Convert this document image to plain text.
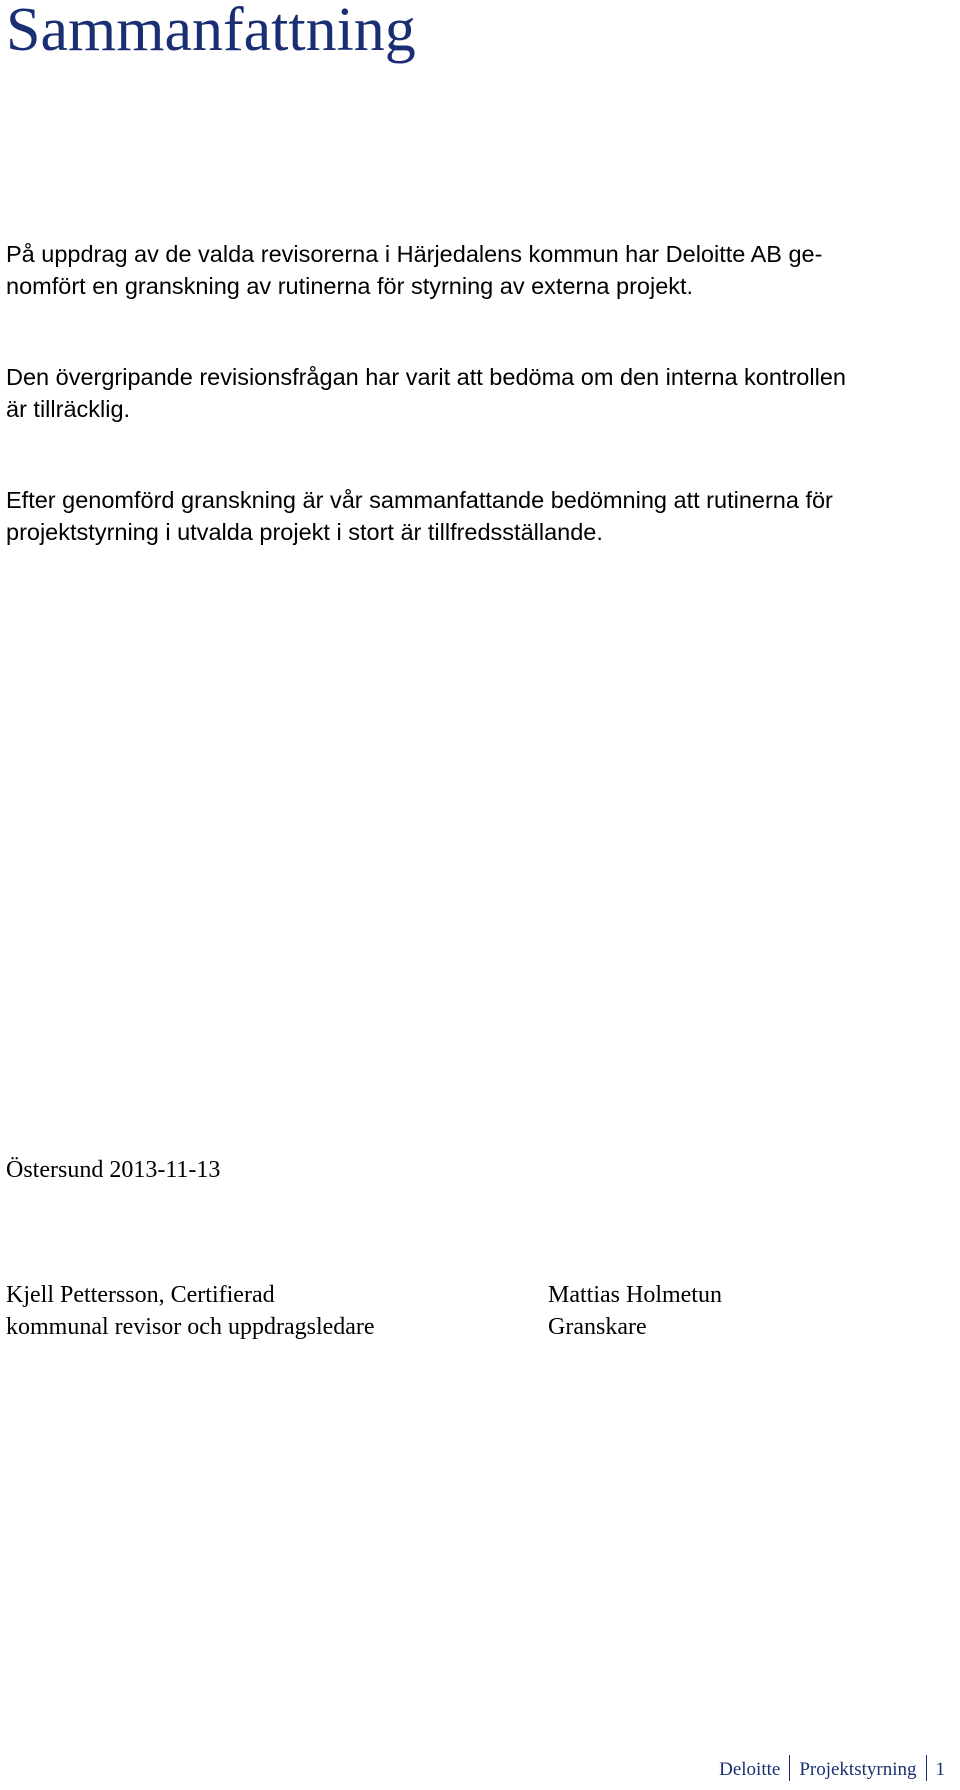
Sammanfattning
På uppdrag av de valda revisorerna i Härjedalens kommun har Deloitte AB ge-
nomfört en granskning av rutinerna för styrning av externa projekt.
Den övergripande revisionsfrågan har varit att bedöma om den interna kontrollen
är tillräcklig.
Efter genomförd granskning är vår sammanfattande bedömning att rutinerna för
projektstyrning i utvalda projekt i stort är tillfredsställande.

Östersund 2013-11-13

Kjell Pettersson, Certifierad
kommunal revisor och uppdragsledare
Mattias Holmetun
Granskare
Deloitte	Projektstyrning	1
